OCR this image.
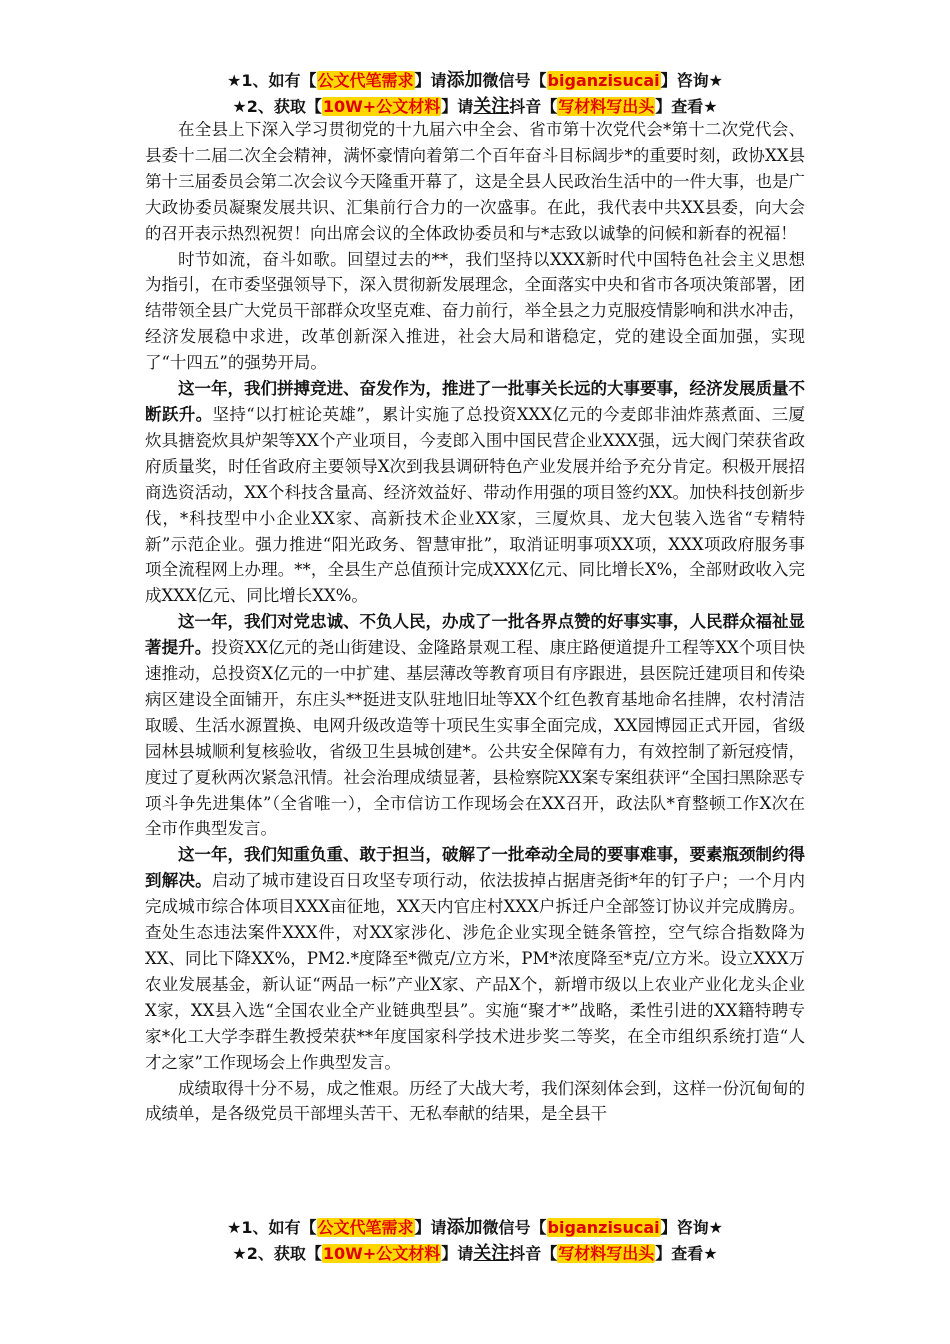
★1、如有【公文代笔需求】请添加微信号【biganzisucai】咨询★
★2、获取【10W+公文材料】请关注抖音【写材料写出头】查看★

在全县上下深入学习贯彻党的十九届六中全会、省市第十次党代会*第十二次党代会、县委十二届二次全会精神，满怀豪情向着第二个百年奋斗目标阔步*的重要时刻，政协XX县第十三届委员会第二次会议今天隆重开幕了，这是全县人民政治生活中的一件大事，也是广大政协委员凝聚发展共识、汇集前行合力的一次盛事。在此，我代表中共XX县委，向大会的召开表示热烈祝贺！向出席会议的全体政协委员和与*志致以诚挚的问候和新春的祝福！

时节如流，奋斗如歌。回望过去的**，我们坚持以XXX新时代中国特色社会主义思想为指引，在市委坚强领导下，深入贯彻新发展理念，全面落实中央和省市各项决策部署，团结带领全县广大党员干部群众攻坚克难、奋力前行，举全县之力克服疫情影响和洪水冲击，经济发展稳中求进，改革创新深入推进，社会大局和谐稳定，党的建设全面加强，实现了“十四五”的强势开局。

这一年，我们拼搏竞进、奋发作为，推进了一批事关长远的大事要事，经济发展质量不断跃升。坚持“以打桩论英雄”，累计实施了总投资XXX亿元的今麦郎非油炸蒸煮面、三厦炊具搪瓷炊具炉架等XX个产业项目，今麦郎入围中国民营企业XXX强，远大阀门荣获省政府质量奖，时任省政府主要领导X次到我县调研特色产业发展并给予充分肯定。积极开展招商选资活动，XX个科技含量高、经济效益好、带动作用强的项目签约XX。加快科技创新步伐，*科技型中小企业XX家、高新技术企业XX家，三厦炊具、龙大包装入选省“专精特新”示范企业。强力推进“阳光政务、智慧审批”，取消证明事项XX项，XXX项政府服务事项全流程网上办理。**，全县生产总值预计完成XXX亿元、同比增长X%，全部财政收入完成XXX亿元、同比增长XX%。

这一年，我们对党忠诚、不负人民，办成了一批各界点赞的好事实事，人民群众福祉显著提升。投资XX亿元的尧山街建设、金隆路景观工程、康庄路便道提升工程等XX个项目快速推动，总投资X亿元的一中扩建、基层薄改等教育项目有序跟进，县医院迁建项目和传染病区建设全面铺开，东庄头**挺进支队驻地旧址等XX个红色教育基地命名挂牌，农村清洁取暖、生活水源置换、电网升级改造等十项民生实事全面完成，XX园博园正式开园，省级园林县城顺利复核验收，省级卫生县城创建*。公共安全保障有力，有效控制了新冠疫情，度过了夏秋两次紧急汛情。社会治理成绩显著，县检察院XX案专案组获评“全国扫黑除恶专项斗争先进集体”（全省唯一），全市信访工作现场会在XX召开，政法队*育整顿工作X次在全市作典型发言。

这一年，我们知重负重、敢于担当，破解了一批牵动全局的要事难事，要素瓶颈制约得到解决。启动了城市建设百日攻坚专项行动，依法拔掉占据唐尧街*年的钉子户；一个月内完成城市综合体项目XXX亩征地，XX天内官庄村XXX户拆迁户全部签订协议并完成腾房。查处生态违法案件XXX件，对XX家涉化、涉危企业实现全链条管控，空气综合指数降为XX、同比下降XX%，PM2.*度降至*微克/立方米，PM*浓度降至*克/立方米。设立XXX万农业发展基金，新认证“两品一标”产业X家、产品X个，新增市级以上农业产业化龙头企业X家，XX县入选“全国农业全产业链典型县”。实施“聚才*”战略，柔性引进的XX籍特聘专家*化工大学李群生教授荣获**年度国家科学技术进步奖二等奖，在全市组织系统打造“人才之家”工作现场会上作典型发言。

成绩取得十分不易，成之惟艰。历经了大战大考，我们深刻体会到，这样一份沉甸甸的成绩单，是各级党员干部埋头苦干、无私奉献的结果，是全县干

★1、如有【公文代笔需求】请添加微信号【biganzisucai】咨询★
★2、获取【10W+公文材料】请关注抖音【写材料写出头】查看★
